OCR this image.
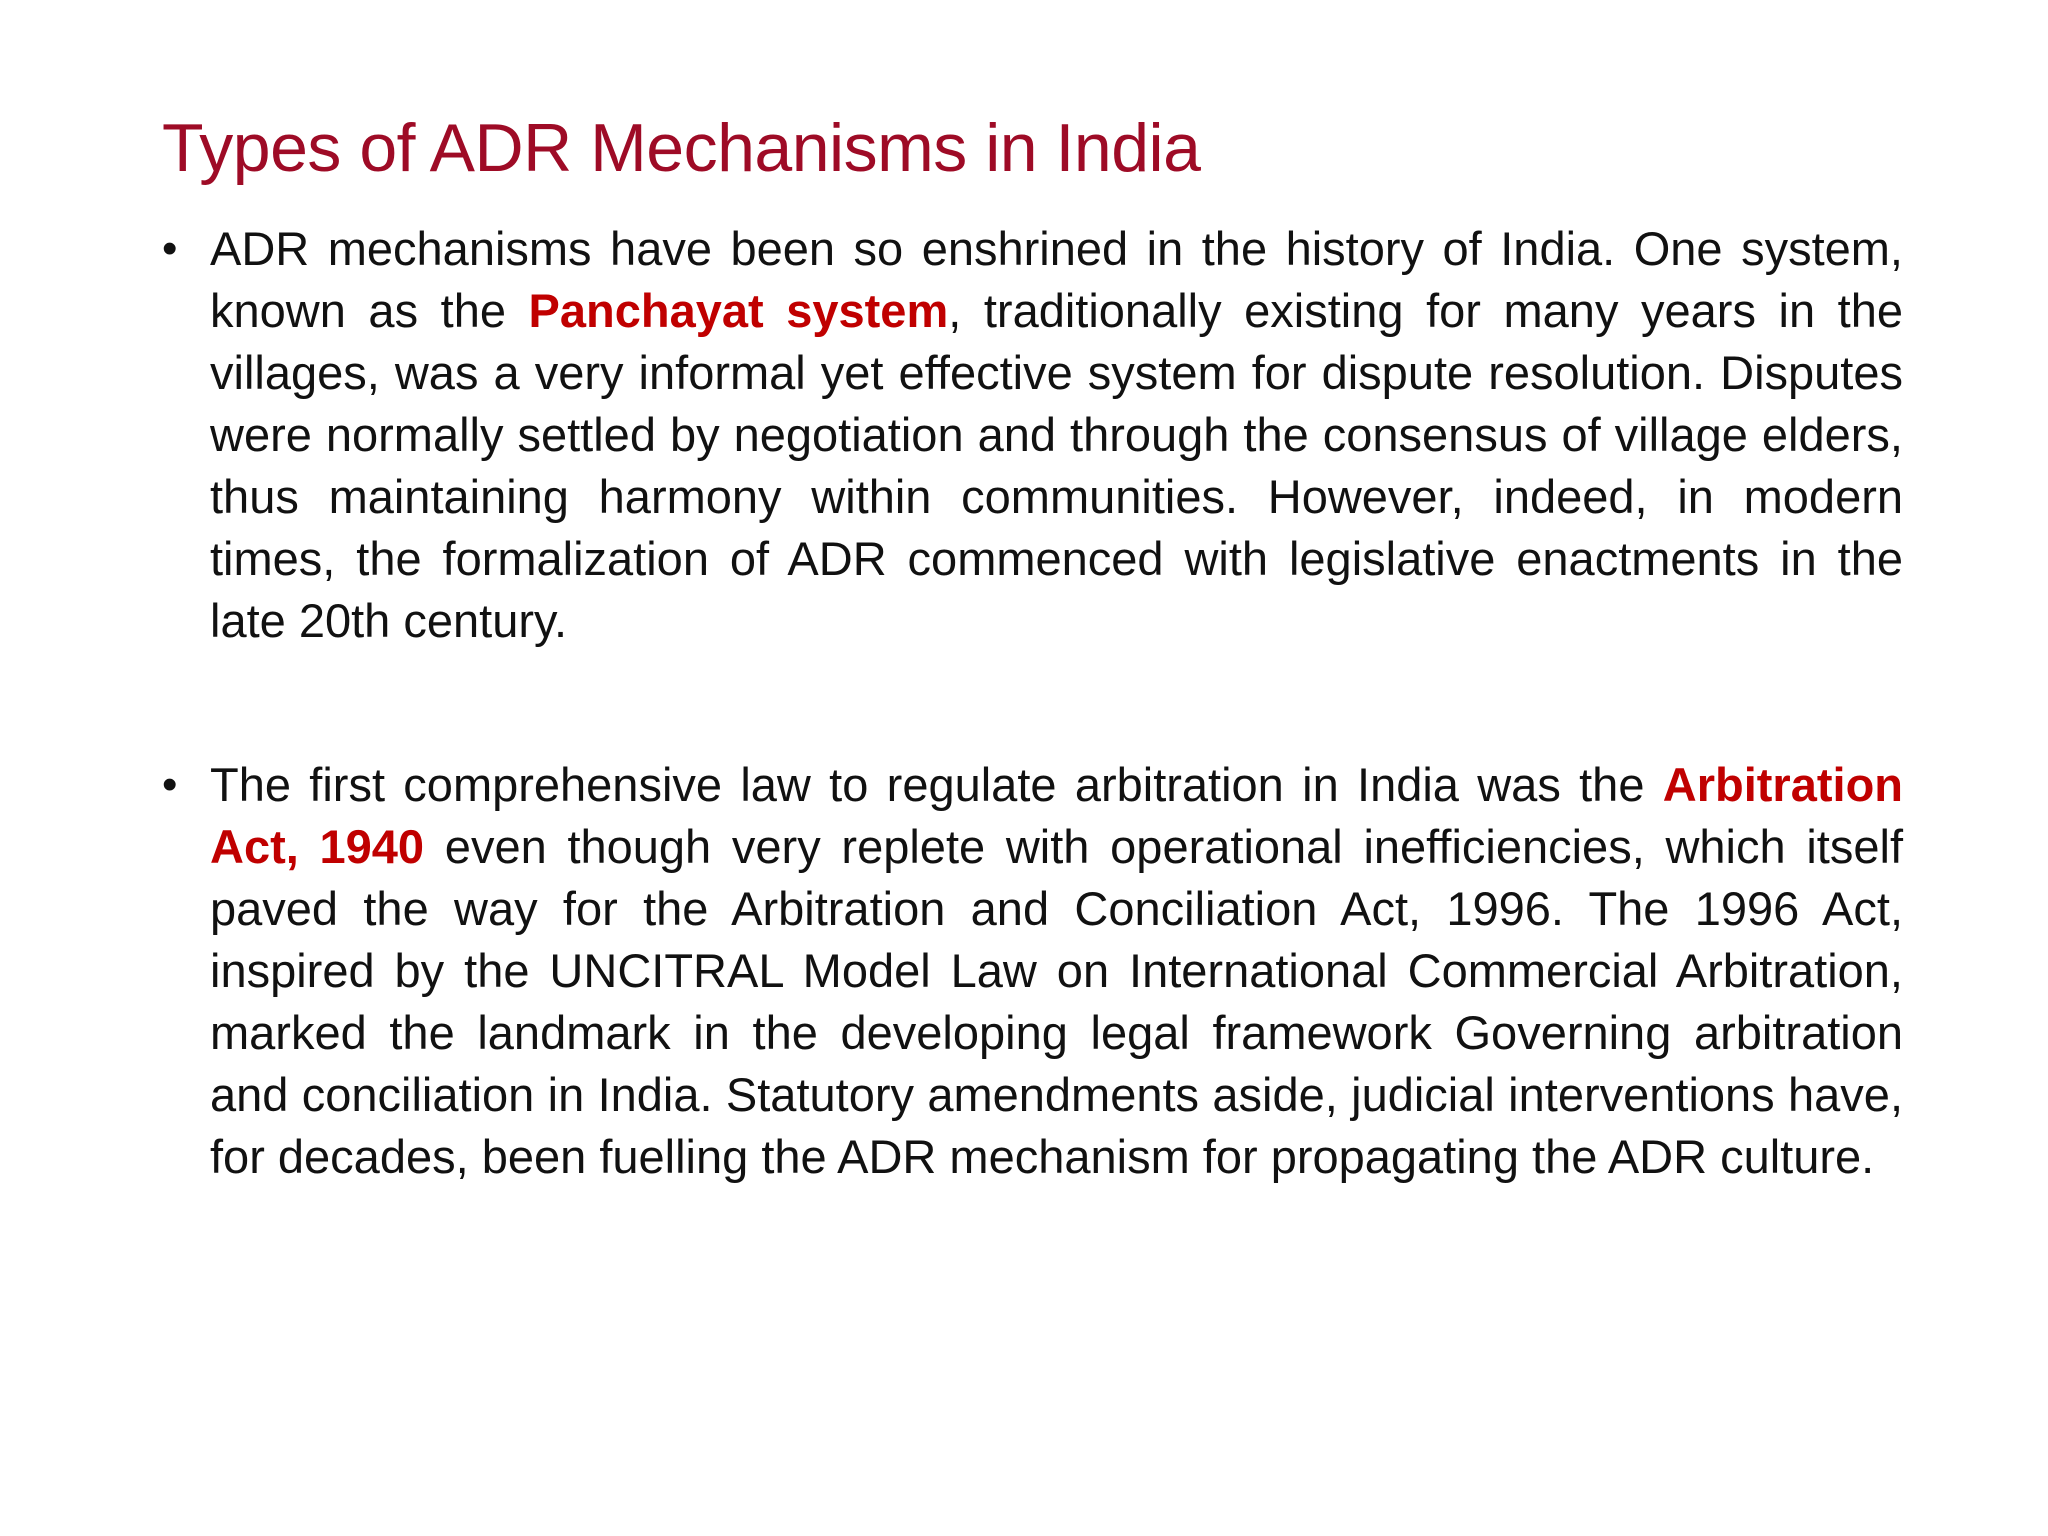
Types of ADR Mechanisms in India
• ADR mechanisms have been so enshrined in the history of India. One system, known as the Panchayat system, traditionally existing for many years in the villages, was a very informal yet effective system for dispute resolution. Disputes were normally settled by negotiation and through the consensus of village elders, thus maintaining harmony within communities. However, indeed, in modern times, the formalization of ADR commenced with legislative enactments in the late 20th century.
• The first comprehensive law to regulate arbitration in India was the Arbitration Act, 1940 even though very replete with operational inefficiencies, which itself paved the way for the Arbitration and Conciliation Act, 1996. The 1996 Act, inspired by the UNCITRAL Model Law on International Commercial Arbitration, marked the landmark in the developing legal framework Governing arbitration and conciliation in India. Statutory amendments aside, judicial interventions have, for decades, been fuelling the ADR mechanism for propagating the ADR culture.
